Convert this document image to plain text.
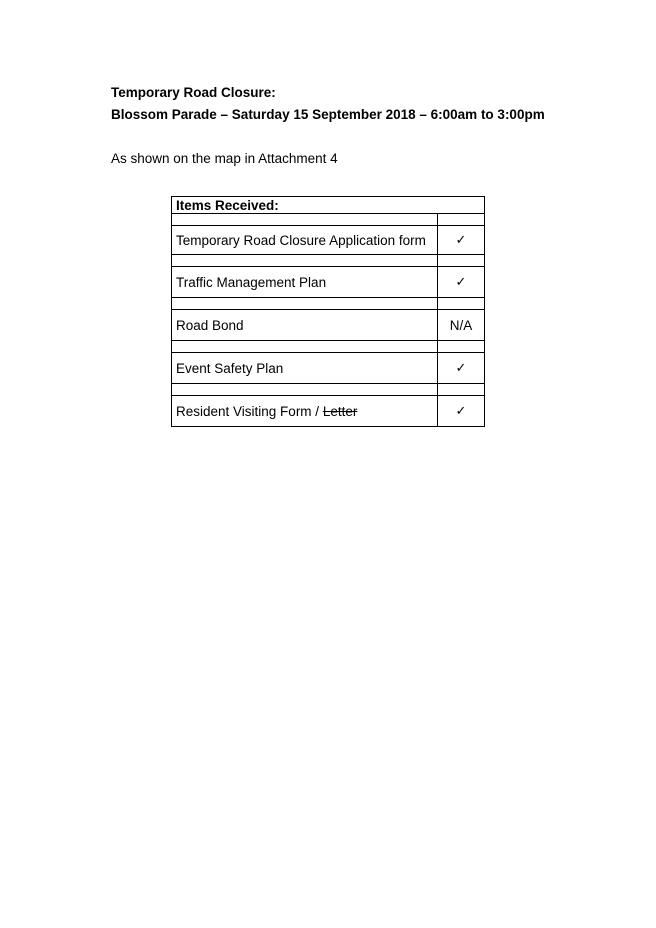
Temporary Road Closure:
Blossom Parade – Saturday 15 September 2018 – 6:00am to 3:00pm
As shown on the map in Attachment 4
Items Received:	

Temporary Road Closure Application form	✓

Traffic Management Plan	✓

Road Bond	N/A

Event Safety Plan	✓

Resident Visiting Form / Letter	✓
